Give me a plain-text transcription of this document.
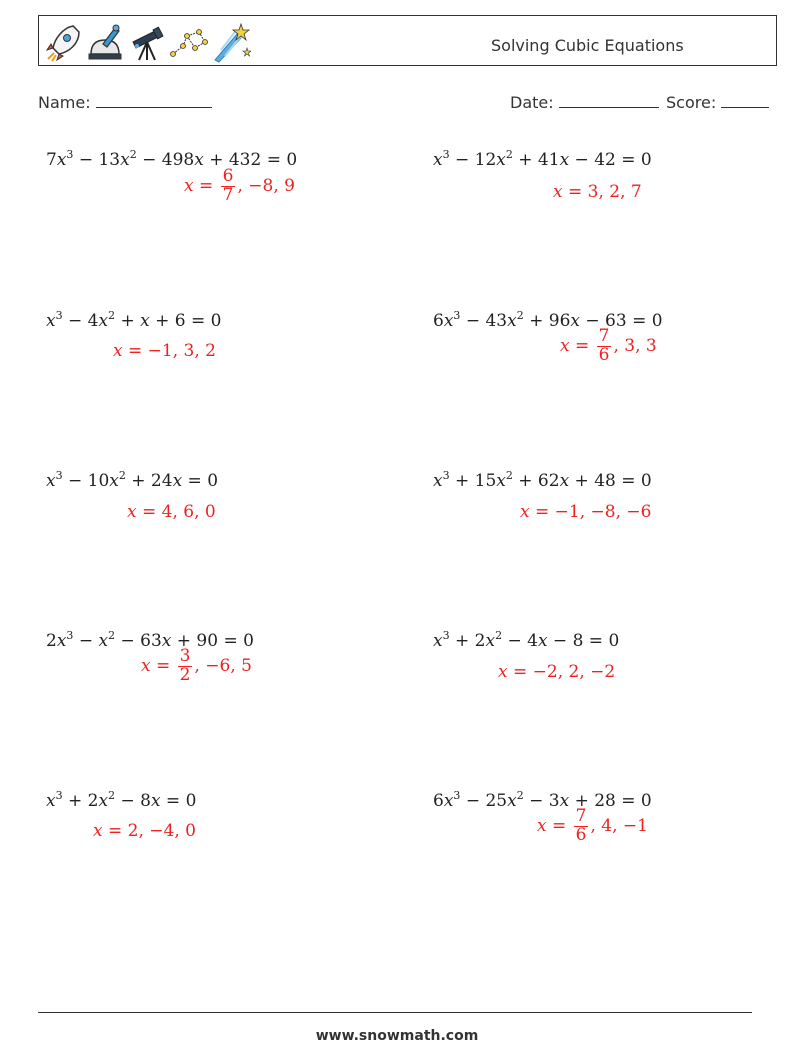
Solving Cubic Equations
Name:	Date:	Score:
$7x^3 - 13x^2 - 498x + 432 = 0$
$x = \frac{6}{7}$ , −8, 9
$x^3 - 12x^2 + 41x - 42 = 0$
x = 3, 2, 7
$x^3 - 4x^2 + x + 6 = 0$
x = −1, 3, 2
$6x^3 - 43x^2 + 96x - 63 = 0$
$x = \frac{7}{6}$ , 3, 3
$x^3 - 10x^2 + 24x = 0$
x = 4, 6, 0
$x^3 + 15x^2 + 62x + 48 = 0$
x = −1, −8, −6
$2x^3 - x^2 - 63x + 90 = 0$
$x = \frac{3}{2}$ , −6, 5
$x^3 + 2x^2 - 4x - 8 = 0$
x = −2, 2, −2
$x^3 + 2x^2 - 8x = 0$
x = 2, −4, 0
$6x^3 - 25x^2 - 3x + 28 = 0$
$x = \frac{7}{6}$ , 4, −1
www.snowmath.com
